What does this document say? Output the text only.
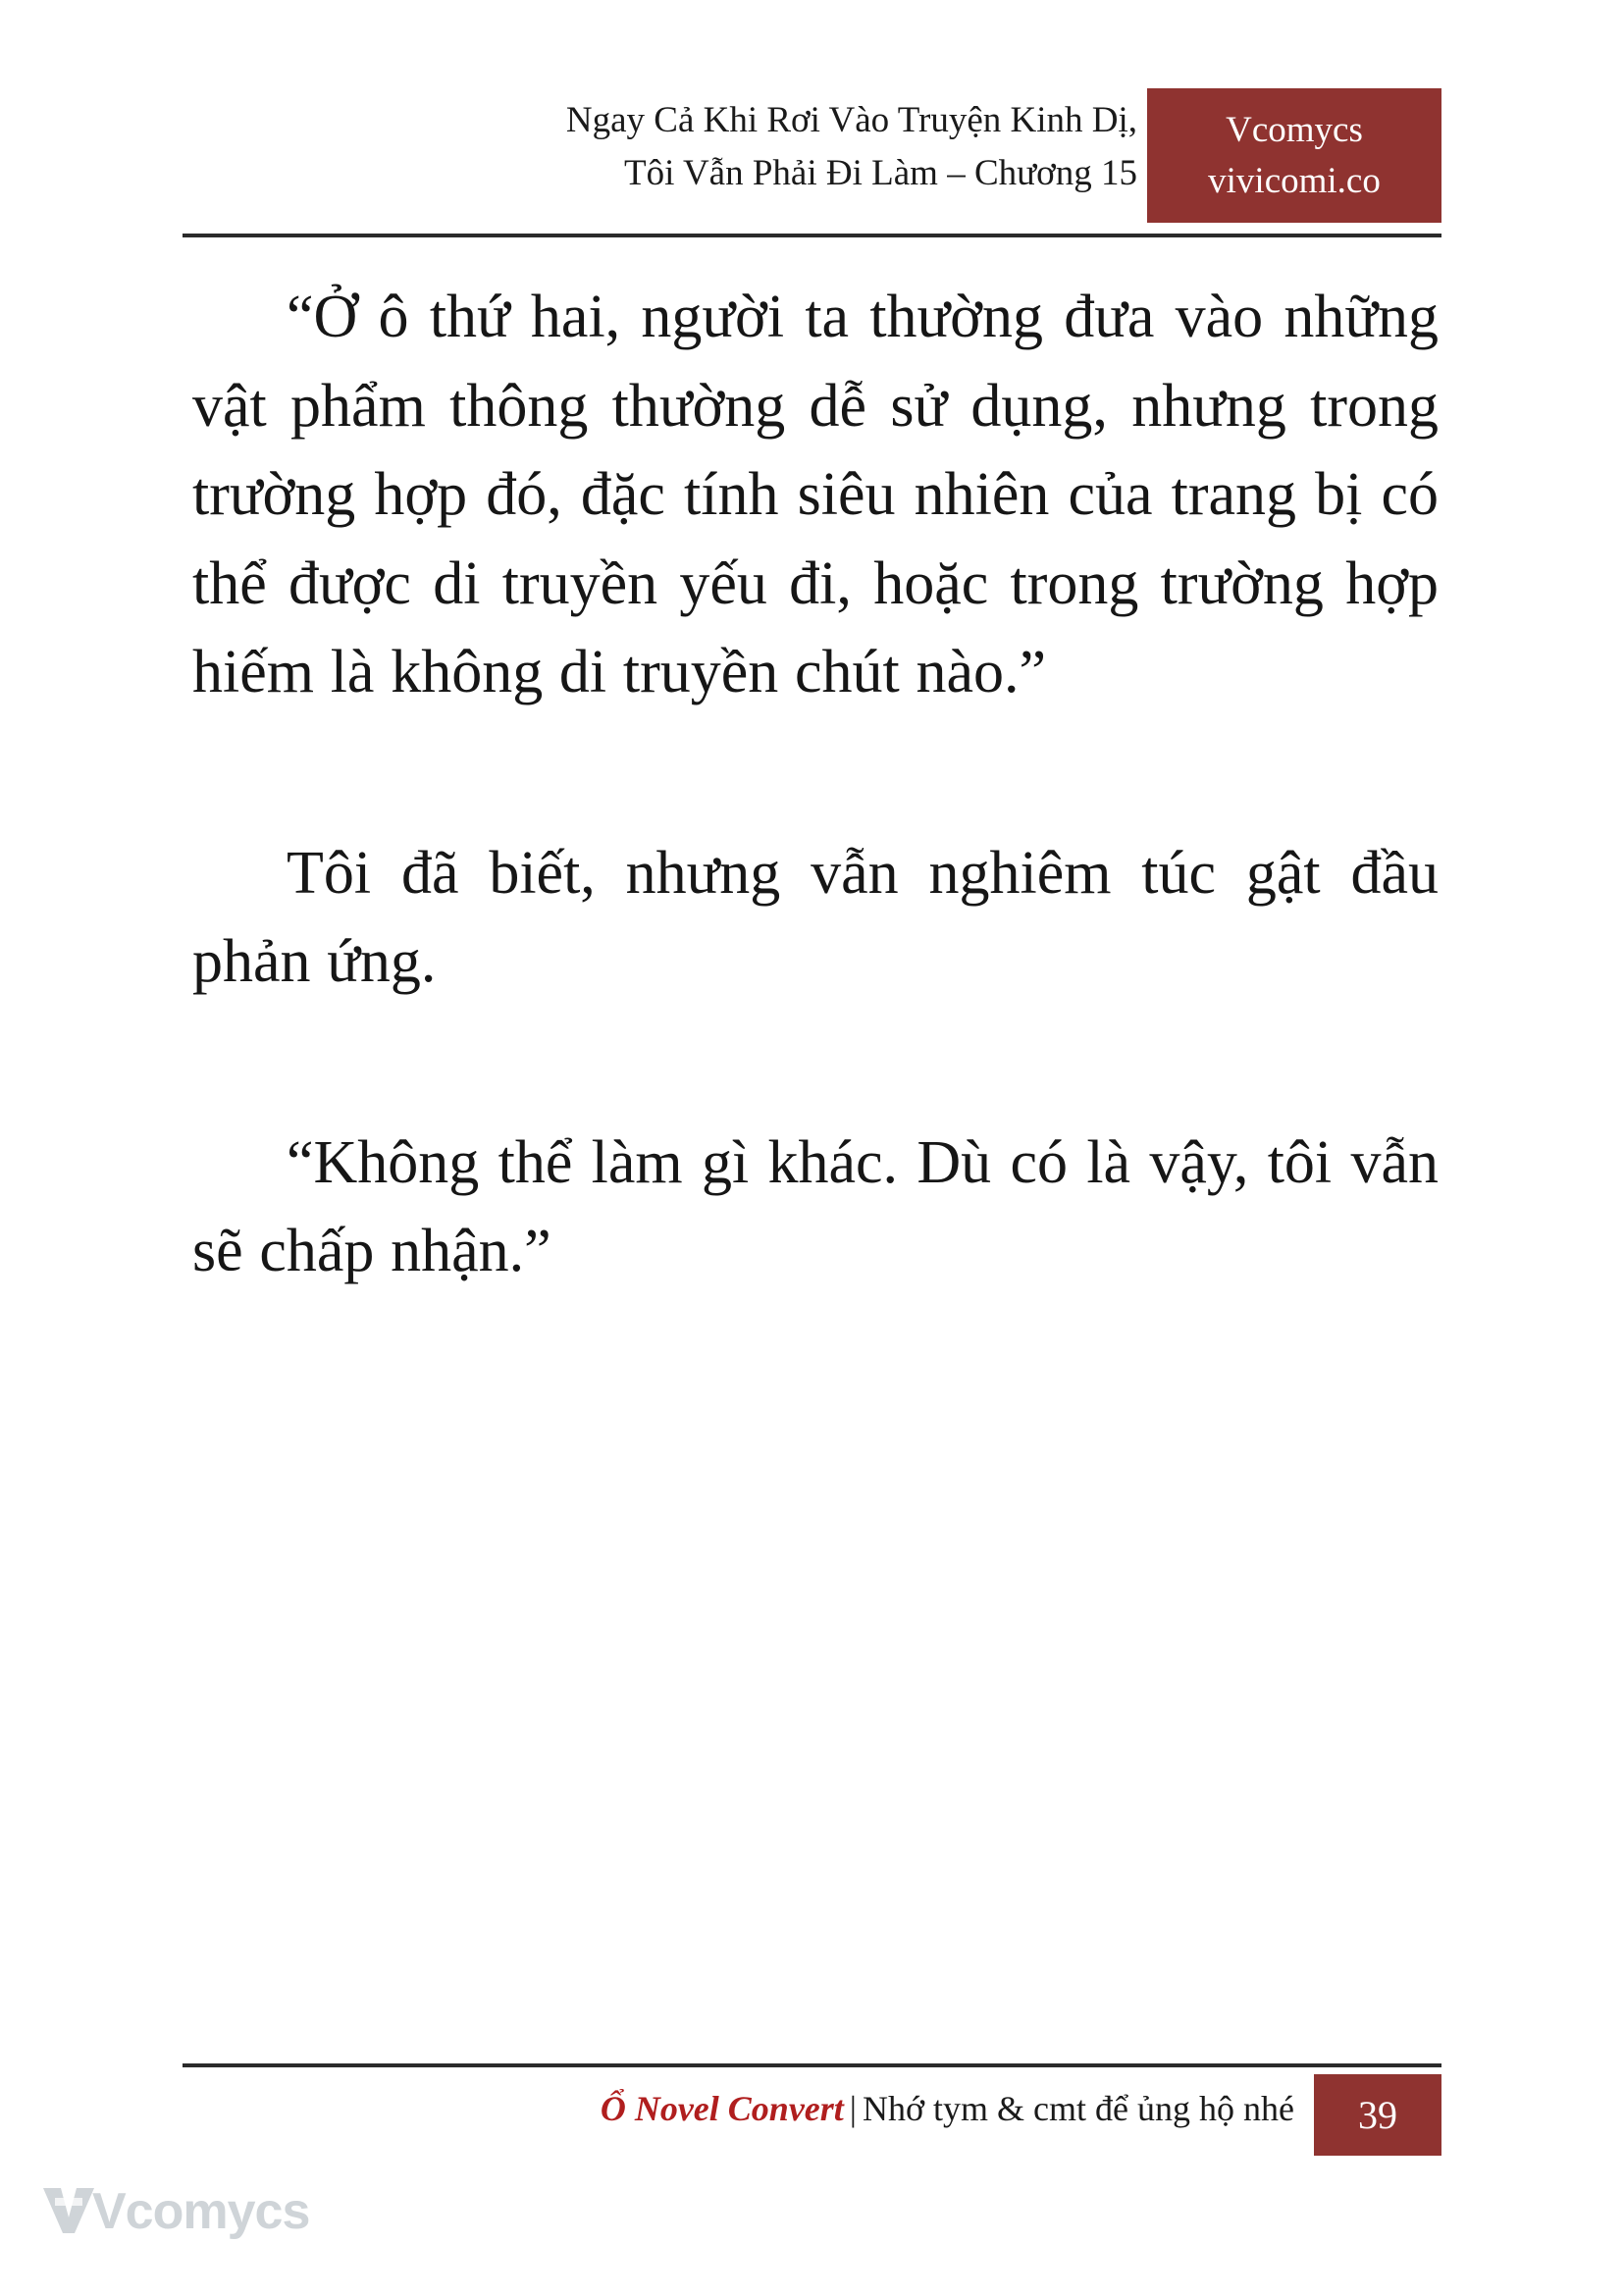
Ngay Cả Khi Rơi Vào Truyện Kinh Dị,
Tôi Vẫn Phải Đi Làm – Chương 15
Vcomycs
vivicomi.co

“Ở ô thứ hai, người ta thường đưa vào những vật phẩm thông thường dễ sử dụng, nhưng trong trường hợp đó, đặc tính siêu nhiên của trang bị có thể được di truyền yếu đi, hoặc trong trường hợp hiếm là không di truyền chút nào.”

Tôi đã biết, nhưng vẫn nghiêm túc gật đầu phản ứng.

“Không thể làm gì khác. Dù có là vậy, tôi vẫn sẽ chấp nhận.”

Ổ Novel Convert | Nhớ tym & cmt để ủng hộ nhé	39
Vcomycs
